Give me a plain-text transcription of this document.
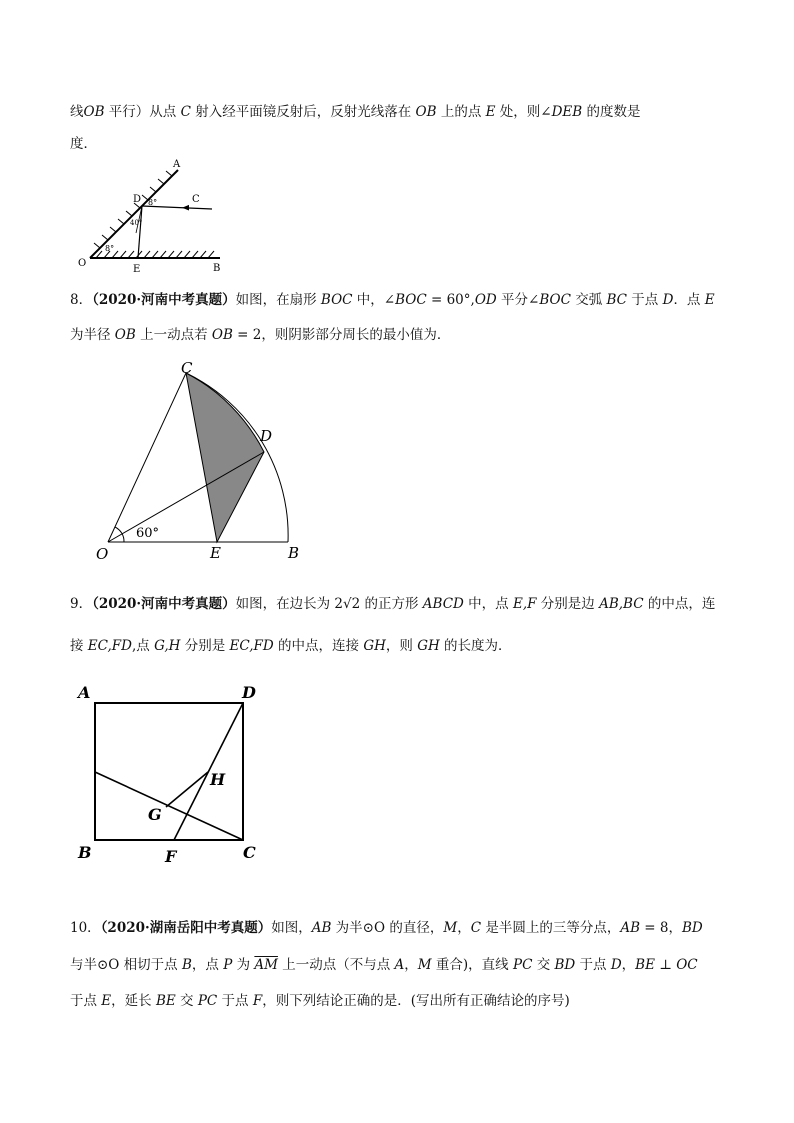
线OB 平行）从点 C 射入经平面镜反射后，反射光线落在 OB 上的点 E 处，则∠DEB 的度数是
度．
A
C
D 8°
40°
8°
O
E	B
8．（2020·河南中考真题）如图，在扇形 BOC 中，∠BOC = 60°,OD 平分∠BOC 交弧 BC 于点 D．点 E
为半径 OB 上一动点若 OB = 2，则阴影部分周长的最小值为．
60°
C
D
O	E	B
9．（2020·河南中考真题）如图，在边长为 2√2 的正方形 ABCD 中，点 E,F 分别是边 AB,BC 的中点，连
接 EC,FD,点 G,H 分别是 EC,FD 的中点，连接 GH，则 GH 的长度为．
A	D
H
G
B	F	C
10．（2020·湖南岳阳中考真题）如图，AB 为半⊙O 的直径，M，C 是半圆上的三等分点，AB = 8，BD
与半⊙O 相切于点 B，点 P 为 $\overline{AM}$ 上一动点（不与点 A，M 重合)，直线 PC 交 BD 于点 D，BE ⊥ OC
于点 E，延长 BE 交 PC 于点 F，则下列结论正确的是．(写出所有正确结论的序号)
